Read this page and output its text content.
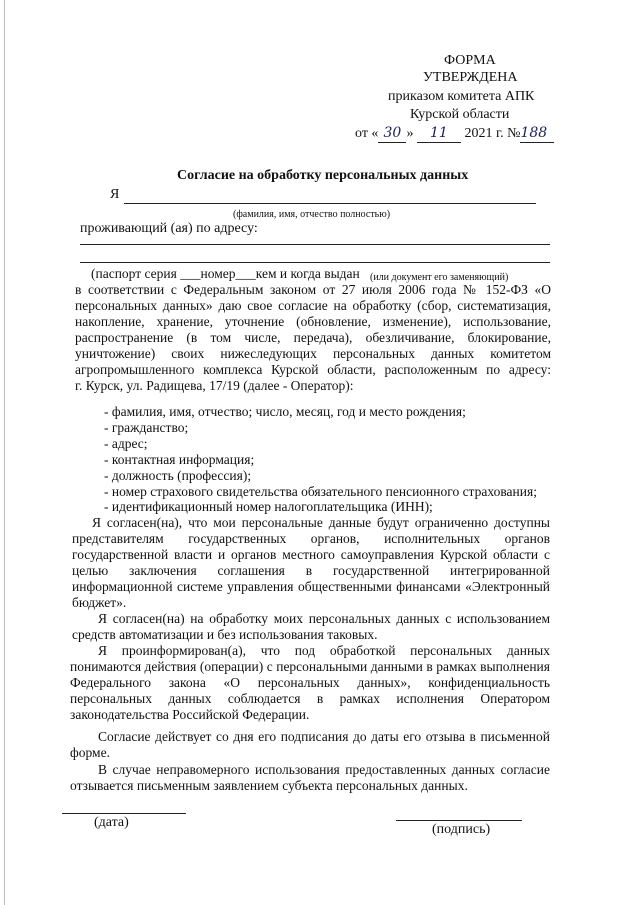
ФОРМА
УТВЕРЖДЕНА
приказом комитета АПК
Курской области
от « 30 » 11 2021 г. №188
Согласие на обработку персональных данных
Я
(фамилия, имя, отчество полностью)
проживающий (ая) по адресу:
(паспорт серия ___номер___кем и когда выдан (или документ его заменяющий)
в соответствии с Федеральным законом от 27 июля 2006 года № 152-ФЗ «О
персональных данных» даю свое согласие на обработку (сбор, систематизация,
накопление, хранение, уточнение (обновление, изменение), использование,
распространение (в том числе, передача), обезличивание, блокирование,
уничтожение) своих нижеследующих персональных данных комитетом
агропромышленного комплекса Курской области, расположенным по адресу:
г. Курск, ул. Радищева, 17/19 (далее - Оператор):
- фамилия, имя, отчество; число, месяц, год и место рождения;
- гражданство;
- адрес;
- контактная информация;
- должность (профессия);
- номер страхового свидетельства обязательного пенсионного страхования;
- идентификационный номер налогоплательщика (ИНН);
Я согласен(на), что мои персональные данные будут ограниченно доступны
представителям государственных органов, исполнительных органов
государственной власти и органов местного самоуправления Курской области с
целью заключения соглашения в государственной интегрированной
информационной системе управления общественными финансами «Электронный
бюджет».
Я согласен(на) на обработку моих персональных данных с использованием
средств автоматизации и без использования таковых.
Я проинформирован(а), что под обработкой персональных данных
понимаются действия (операции) с персональными данными в рамках выполнения
Федерального закона «О персональных данных», конфиденциальность
персональных данных соблюдается в рамках исполнения Оператором
законодательства Российской Федерации.
Согласие действует со дня его подписания до даты его отзыва в письменной
форме.
В случае неправомерного использования предоставленных данных согласие
отзывается письменным заявлением субъекта персональных данных.
(дата)	(подпись)
